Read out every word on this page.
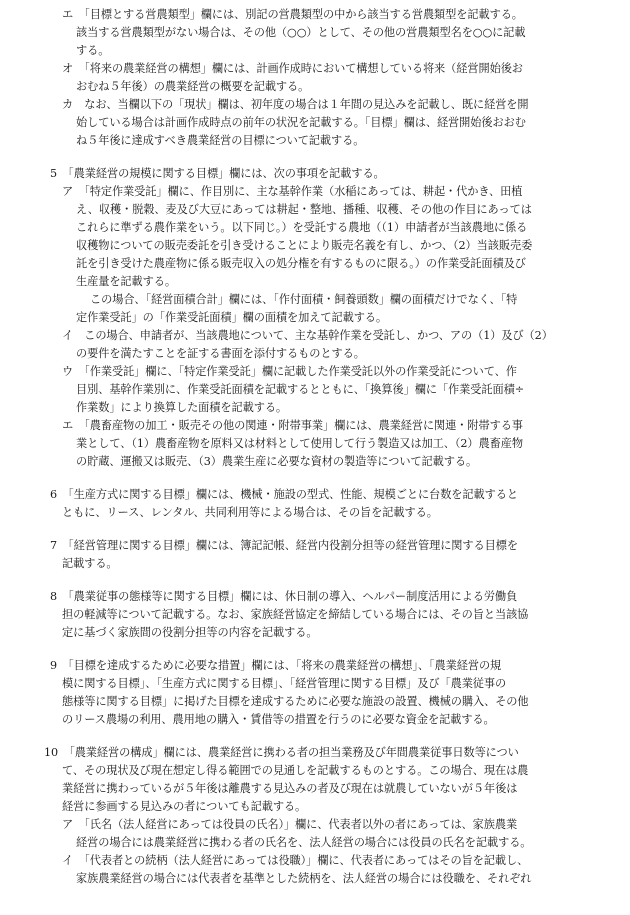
エ　「目標とする営農類型」欄には、別記の営農類型の中から該当する営農類型を記載する。
該当する営農類型がない場合は、その他（○○）として、その他の営農類型名を○○に記載
する。
オ　「将来の農業経営の構想」欄には、計画作成時において構想している将来（経営開始後お
おむね５年後）の農業経営の概要を記載する。
カ　なお、当欄以下の「現状」欄は、初年度の場合は１年間の見込みを記載し、既に経営を開
始している場合は計画作成時点の前年の状況を記載する。「目標」欄は、経営開始後おおむ
ね５年後に達成すべき農業経営の目標について記載する。
5　「農業経営の規模に関する目標」欄には、次の事項を記載する。
ア　「特定作業受託」欄に、作目別に、主な基幹作業（水稲にあっては、耕起・代かき、田植
え、収穫・脱穀、麦及び大豆にあっては耕起・整地、播種、収穫、その他の作目にあっては
これらに準ずる農作業をいう。以下同じ。）を受託する農地（（1）申請者が当該農地に係る
収穫物についての販売委託を引き受けることにより販売名義を有し、かつ、（2）当該販売委
託を引き受けた農産物に係る販売収入の処分権を有するものに限る。）の作業受託面積及び
生産量を記載する。
この場合、「経営面積合計」欄には、「作付面積・飼養頭数」欄の面積だけでなく、「特
定作業受託」の「作業受託面積」欄の面積を加えて記載する。
イ　この場合、申請者が、当該農地について、主な基幹作業を受託し、かつ、アの（1）及び（2）
の要件を満たすことを証する書面を添付するものとする。
ウ　「作業受託」欄に、「特定作業受託」欄に記載した作業受託以外の作業受託について、作
目別、基幹作業別に、作業受託面積を記載するとともに、「換算後」欄に「作業受託面積÷
作業数」により換算した面積を記載する。
エ　「農畜産物の加工・販売その他の関連・附帯事業」欄には、農業経営に関連・附帯する事
業として、（1）農畜産物を原料又は材料として使用して行う製造又は加工、（2）農畜産物
の貯蔵、運搬又は販売、（3）農業生産に必要な資材の製造等について記載する。
6　「生産方式に関する目標」欄には、機械・施設の型式、性能、規模ごとに台数を記載すると
ともに、リース、レンタル、共同利用等による場合は、その旨を記載する。
7　「経営管理に関する目標」欄には、簿記記帳、経営内役割分担等の経営管理に関する目標を
記載する。
8　「農業従事の態様等に関する目標」欄には、休日制の導入、ヘルパー制度活用による労働負
担の軽減等について記載する。なお、家族経営協定を締結している場合には、その旨と当該協
定に基づく家族間の役割分担等の内容を記載する。
9　「目標を達成するために必要な措置」欄には、「将来の農業経営の構想」、「農業経営の規
模に関する目標」、「生産方式に関する目標」、「経営管理に関する目標」及び「農業従事の
態様等に関する目標」に掲げた目標を達成するために必要な施設の設置、機械の購入、その他
のリース農場の利用、農用地の購入・賃借等の措置を行うのに必要な資金を記載する。
10　「農業経営の構成」欄には、農業経営に携わる者の担当業務及び年間農業従事日数等につい
て、その現状及び現在想定し得る範囲での見通しを記載するものとする。この場合、現在は農
業経営に携わっているが５年後は離農する見込みの者及び現在は就農していないが５年後は
経営に参画する見込みの者についても記載する。
ア　「氏名（法人経営にあっては役員の氏名）」欄に、代表者以外の者にあっては、家族農業
経営の場合には農業経営に携わる者の氏名を、法人経営の場合には役員の氏名を記載する。
イ　「代表者との続柄（法人経営にあっては役職）」欄に、代表者にあってはその旨を記載し、
家族農業経営の場合には代表者を基準とした続柄を、法人経営の場合には役職を、それぞれ
